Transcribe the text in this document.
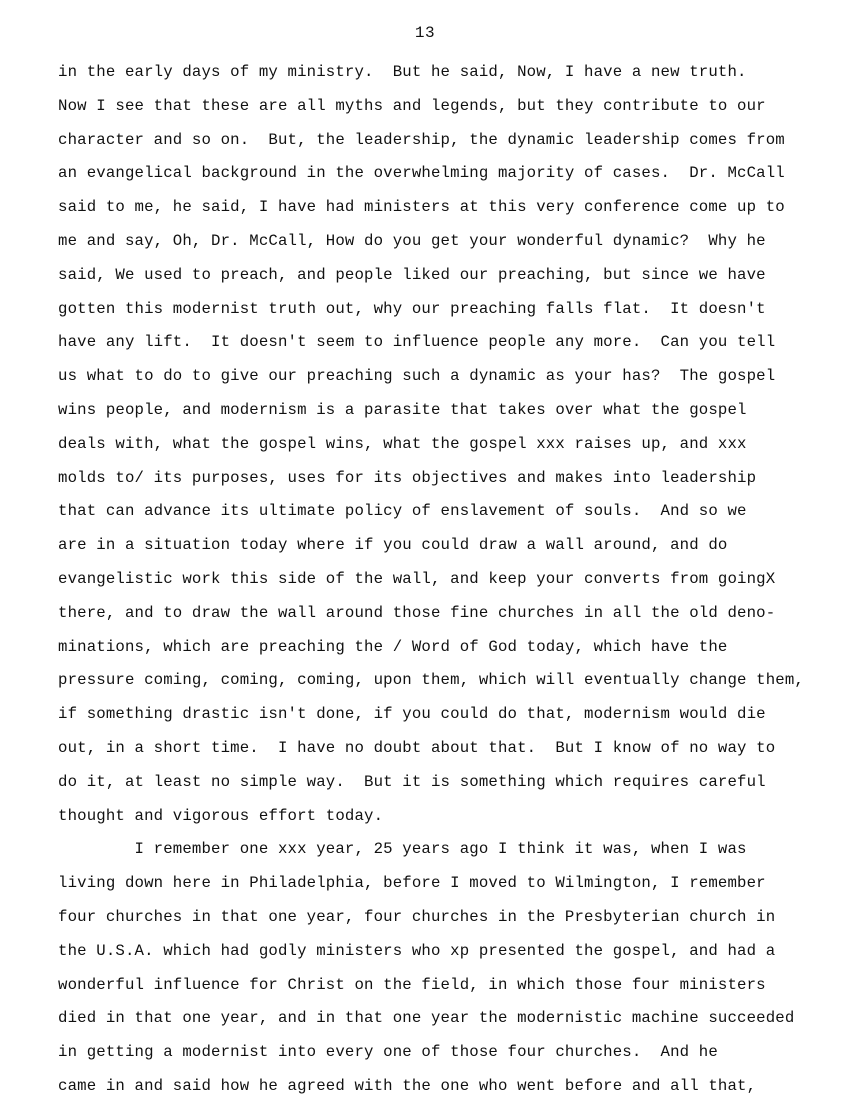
13
in the early days of my ministry.  But he said, Now, I have a new truth.
Now I see that these are all myths and legends, but they contribute to our
character and so on.  But, the leadership, the dynamic leadership comes from
an evangelical background in the overwhelming majority of cases.  Dr. McCall
said to me, he said, I have had ministers at this very conference come up to
me and say, Oh, Dr. McCall, How do you get your wonderful dynamic?  Why he
said, We used to preach, and people liked our preaching, but since we have
gotten this modernist truth out, why our preaching falls flat.  It doesn't
have any lift.  It doesn't seem to influence people any more.  Can you tell
us what to do to give our preaching such a dynamic as your has?  The gospel
wins people, and modernism is a parasite that takes over what the gospel
deals with, what the gospel wins, what the gospel xxx raises up, and xxx
molds to/ its purposes, uses for its objectives and makes into leadership
that can advance its ultimate policy of enslavement of souls.  And so we
are in a situation today where if you could draw a wall around, and do
evangelistic work this side of the wall, and keep your converts from goingX
there, and to draw the wall around those fine churches in all the old deno-
minations, which are preaching the / Word of God today, which have the
pressure coming, coming, coming, upon them, which will eventually change them,
if something drastic isn't done, if you could do that, modernism would die
out, in a short time.  I have no doubt about that.  But I know of no way to
do it, at least no simple way.  But it is something which requires careful
thought and vigorous effort today.
I remember one xxx year, 25 years ago I think it was, when I was
living down here in Philadelphia, before I moved to Wilmington, I remember
four churches in that one year, four churches in the Presbyterian church in
the U.S.A. which had godly ministers who xp presented the gospel, and had a
wonderful influence for Christ on the field, in which those four ministers
died in that one year, and in that one year the modernistic machine succeeded
in getting a modernist into every one of those four churches.  And he
came in and said how he agreed with the one who went before and all that,
